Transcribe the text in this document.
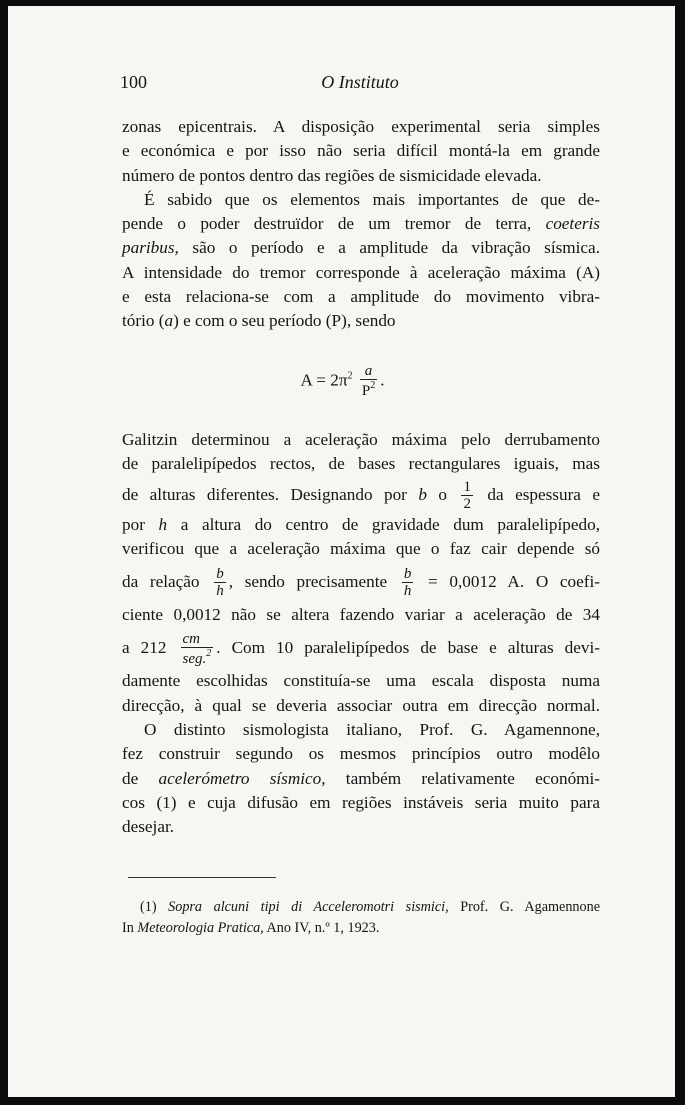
100	O Instituto
zonas epicentrais. A disposição experimental seria simples
e económica e por isso não seria difícil montá-la em grande
número de pontos dentro das regiões de sismicidade elevada.
É sabido que os elementos mais importantes de que de-
pende o poder destruïdor de um tremor de terra, coeteris
paribus, são o período e a amplitude da vibração sísmica.
A intensidade do tremor corresponde à aceleração máxima (A)
e esta relaciona-se com a amplitude do movimento vibra-
tório (a) e com o seu período (P), sendo
$A = 2\pi^2 \frac{a}{P^2}$ .
Galitzin determinou a aceleração máxima pelo derrubamento
de paralelipípedos rectos, de bases rectangulares iguais, mas
de alturas diferentes. Designando por b o $\frac{1}{2}$ da espessura e
por h a altura do centro de gravidade dum paralelipípedo,
verificou que a aceleração máxima que o faz cair depende só
da relação $\frac{b}{h}$ , sendo precisamente $\frac{b}{h} = 0,0012$ A. O coefi-
ciente 0,0012 não se altera fazendo variar a aceleração de 34
a $212 \frac{cm}{seg.^2}$ . Com 10 paralelipípedos de base e alturas devi-
damente escolhidas constituía-se uma escala disposta numa
direcção, à qual se deveria associar outra em direcção normal.
O distinto sismologista italiano, Prof. G. Agamennone,
fez construir segundo os mesmos princípios outro modêlo
de acelerómetro sísmico, também relativamente económi-
cos (1) e cuja difusão em regiões instáveis seria muito para
desejar.
(1) Sopra alcuni tipi di Acceleromotri sismici, Prof. G. Agamennone
In Meteorologia Pratica, Ano IV, n.º 1, 1923.
